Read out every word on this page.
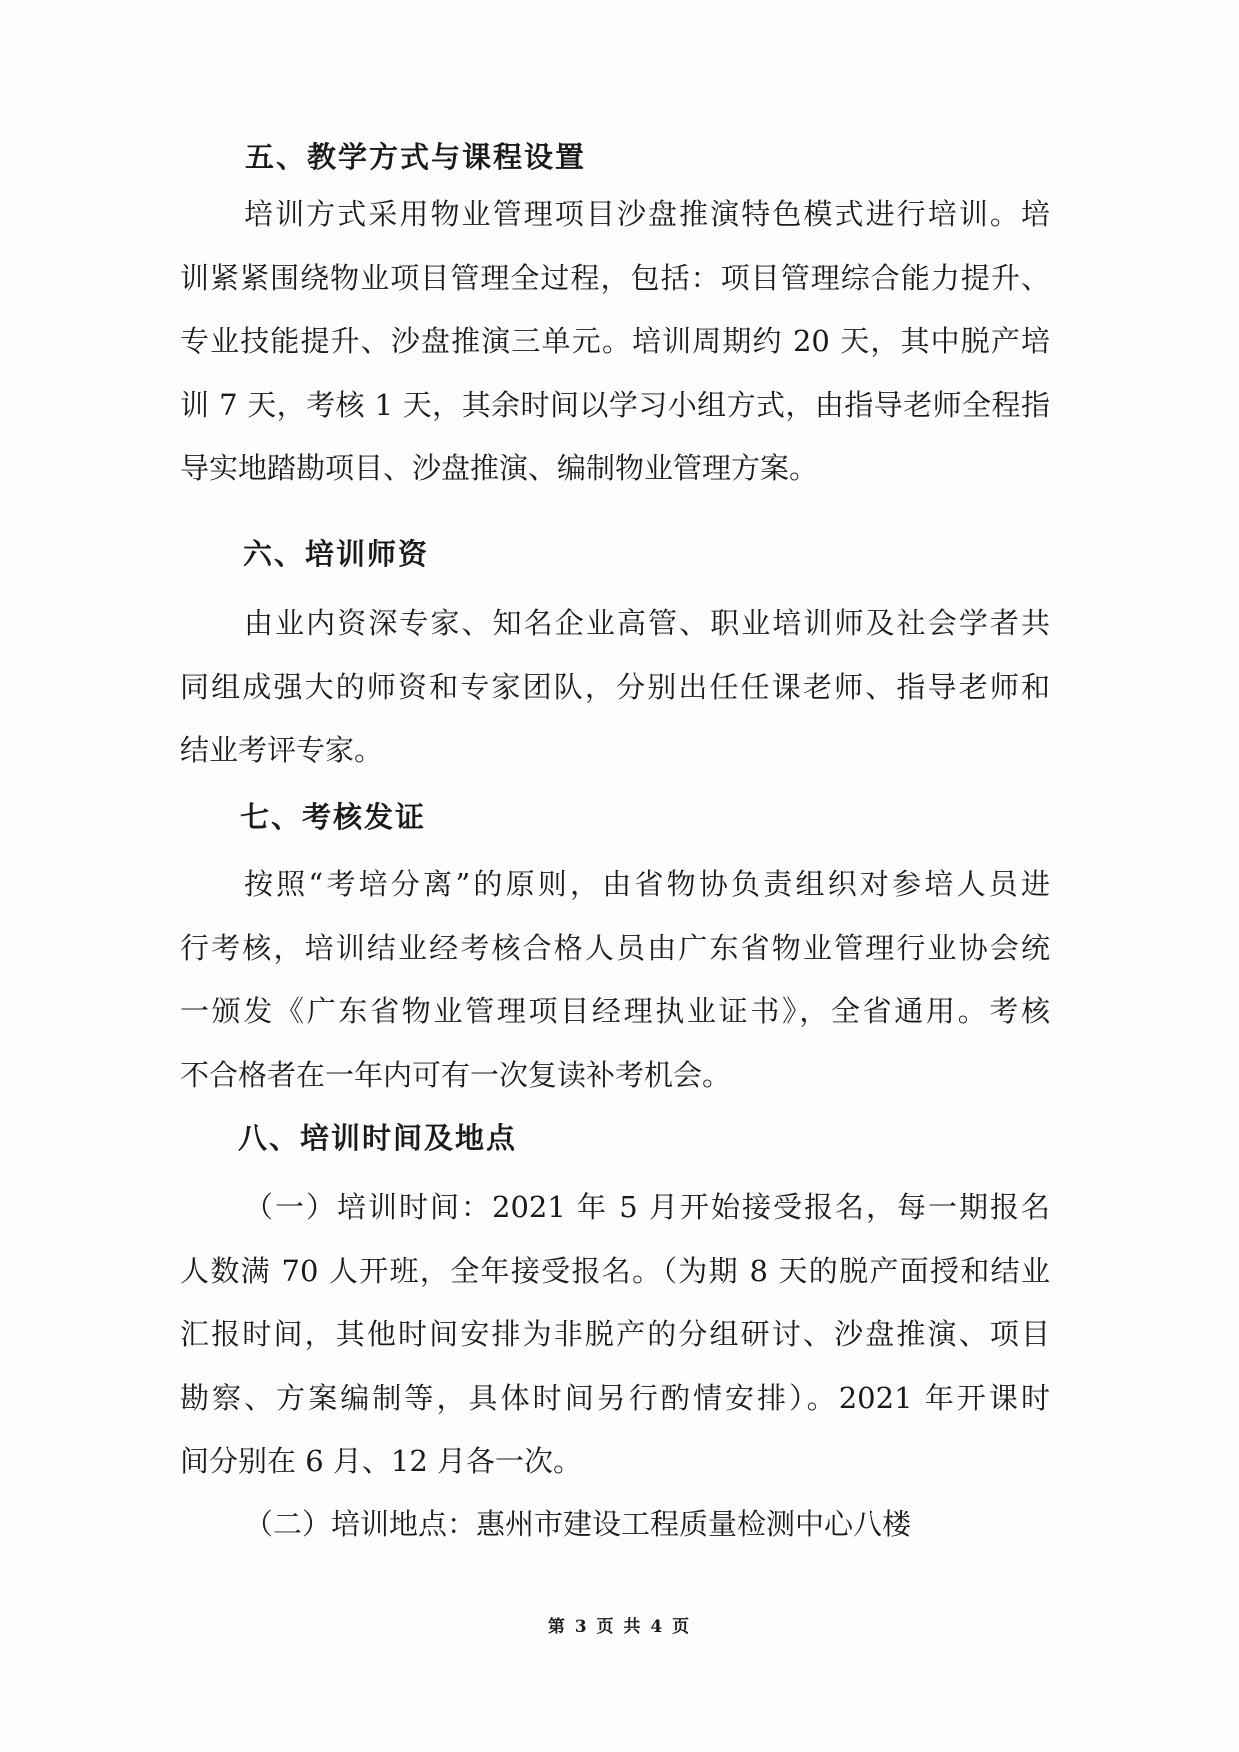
五、教学方式与课程设置
培训方式采用物业管理项目沙盘推演特色模式进行培训。培
训紧紧围绕物业项目管理全过程，包括：项目管理综合能力提升、
专业技能提升、沙盘推演三单元。培训周期约 20 天，其中脱产培
训 7 天，考核 1 天，其余时间以学习小组方式，由指导老师全程指
导实地踏勘项目、沙盘推演、编制物业管理方案。
六、培训师资
由业内资深专家、知名企业高管、职业培训师及社会学者共
同组成强大的师资和专家团队，分别出任任课老师、指导老师和
结业考评专家。
七、考核发证
按照“考培分离”的原则，由省物协负责组织对参培人员进
行考核，培训结业经考核合格人员由广东省物业管理行业协会统
一颁发《广东省物业管理项目经理执业证书》，全省通用。考核
不合格者在一年内可有一次复读补考机会。
八、培训时间及地点
（一）培训时间：2021 年 5 月开始接受报名，每一期报名
人数满 70 人开班，全年接受报名。（为期 8 天的脱产面授和结业
汇报时间，其他时间安排为非脱产的分组研讨、沙盘推演、项目
勘察、方案编制等，具体时间另行酌情安排）。2021 年开课时
间分别在 6 月、12 月各一次。
（二）培训地点：惠州市建设工程质量检测中心八楼
第 3 页 共 4 页
